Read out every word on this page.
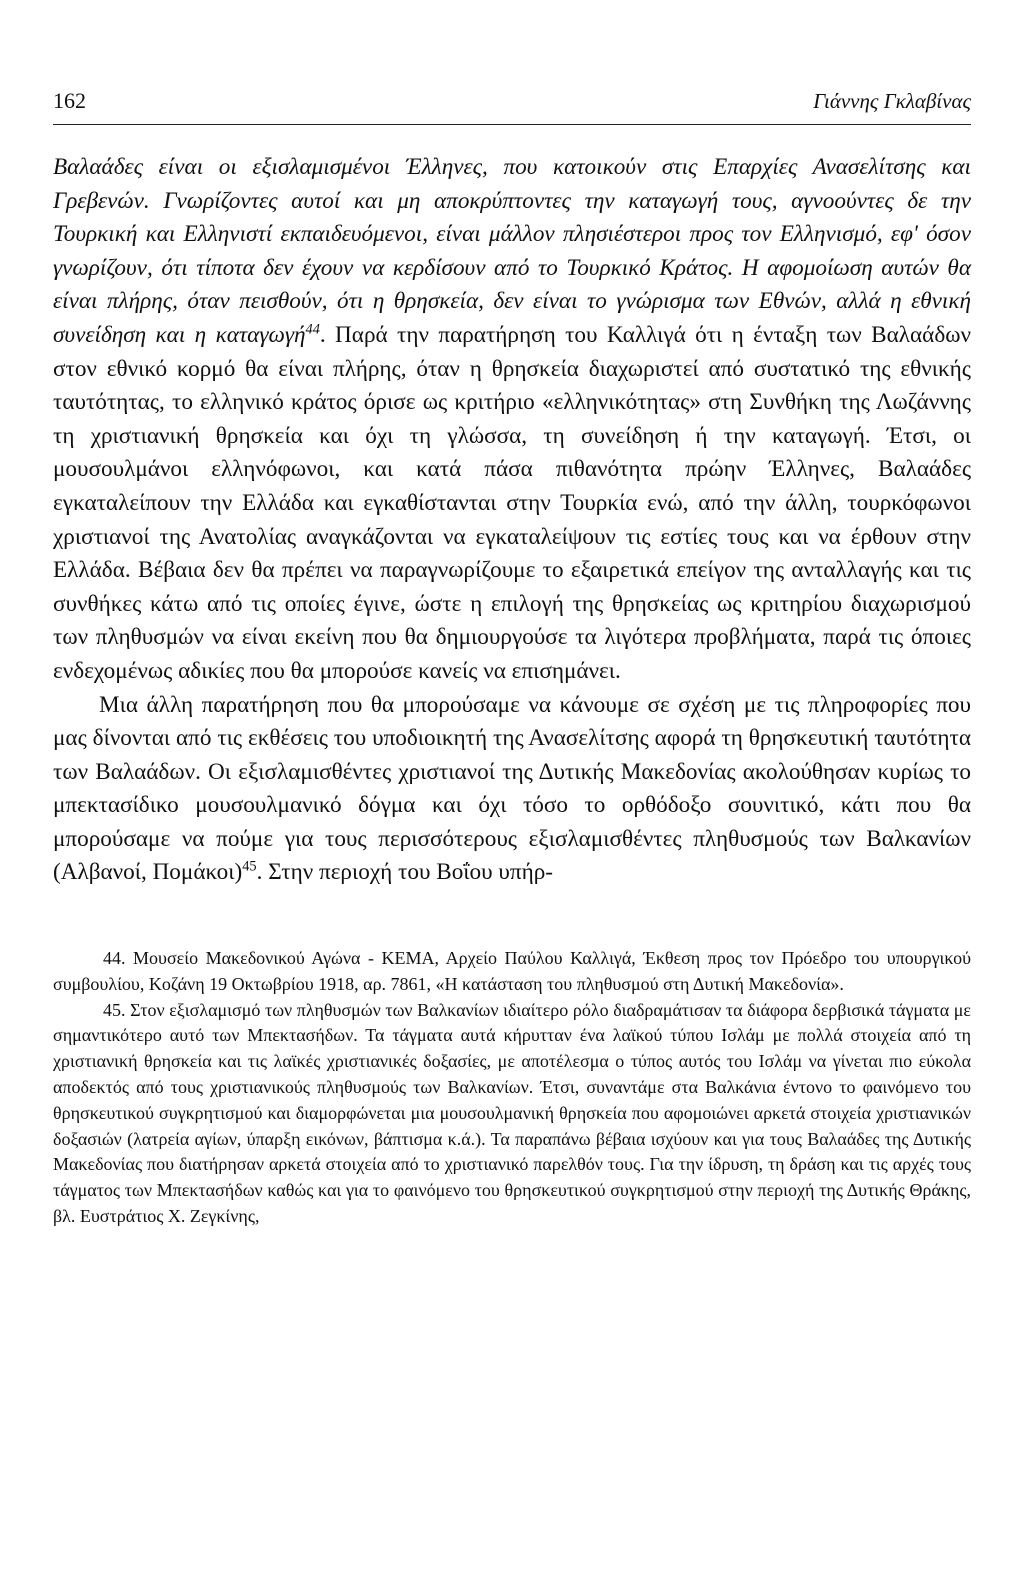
162	Γιάννης Γκλαβίνας

Βαλαάδες είναι οι εξισλαμισμένοι Έλληνες, που κατοικούν στις Επαρχίες Ανασελίτσης και Γρεβενών. Γνωρίζοντες αυτοί και μη αποκρύπτοντες την καταγωγή τους, αγνοούντες δε την Τουρκική και Ελληνιστί εκπαιδευόμενοι, είναι μάλλον πλησιέστεροι προς τον Ελληνισμό, εφ' όσον γνωρίζουν, ότι τίποτα δεν έχουν να κερδίσουν από το Τουρκικό Κράτος. Η αφομοίωση αυτών θα είναι πλήρης, όταν πεισθούν, ότι η θρησκεία, δεν είναι το γνώρισμα των Εθνών, αλλά η εθνική συνείδηση και η καταγωγή$^{44}$. Παρά την παρατήρηση του Καλλιγά ότι η ένταξη των Βαλαάδων στον εθνικό κορμό θα είναι πλήρης, όταν η θρησκεία διαχωριστεί από συστατικό της εθνικής ταυτότητας, το ελληνικό κράτος όρισε ως κριτήριο «ελληνικότητας» στη Συνθήκη της Λωζάννης τη χριστιανική θρησκεία και όχι τη γλώσσα, τη συνείδηση ή την καταγωγή. Έτσι, οι μουσουλμάνοι ελληνόφωνοι, και κατά πάσα πιθανότητα πρώην Έλληνες, Βαλαάδες εγκαταλείπουν την Ελλάδα και εγκαθίστανται στην Τουρκία ενώ, από την άλλη, τουρκόφωνοι χριστιανοί της Ανατολίας αναγκάζονται να εγκαταλείψουν τις εστίες τους και να έρθουν στην Ελλάδα. Βέβαια δεν θα πρέπει να παραγνωρίζουμε το εξαιρετικά επείγον της ανταλλαγής και τις συνθήκες κάτω από τις οποίες έγινε, ώστε η επιλογή της θρησκείας ως κριτηρίου διαχωρισμού των πληθυσμών να είναι εκείνη που θα δημιουργούσε τα λιγότερα προβλήματα, παρά τις όποιες ενδεχομένως αδικίες που θα μπορούσε κανείς να επισημάνει.

Μια άλλη παρατήρηση που θα μπορούσαμε να κάνουμε σε σχέση με τις πληροφορίες που μας δίνονται από τις εκθέσεις του υποδιοικητή της Ανασελίτσης αφορά τη θρησκευτική ταυτότητα των Βαλαάδων. Οι εξισλαμισθέντες χριστιανοί της Δυτικής Μακεδονίας ακολούθησαν κυρίως το μπεκτασίδικο μουσουλμανικό δόγμα και όχι τόσο το ορθόδοξο σουνιτικό, κάτι που θα μπορούσαμε να πούμε για τους περισσότερους εξισλαμισθέντες πληθυσμούς των Βαλκανίων (Αλβανοί, Πομάκοι)$^{45}$. Στην περιοχή του Βοΐου υπήρ-

44. Μουσείο Μακεδονικού Αγώνα - ΚΕΜΑ, Αρχείο Παύλου Καλλιγά, Έκθεση προς τον Πρόεδρο του υπουργικού συμβουλίου, Κοζάνη 19 Οκτωβρίου 1918, αρ. 7861, «Η κατάσταση του πληθυσμού στη Δυτική Μακεδονία».

45. Στον εξισλαμισμό των πληθυσμών των Βαλκανίων ιδιαίτερο ρόλο διαδραμάτισαν τα διάφορα δερβισικά τάγματα με σημαντικότερο αυτό των Μπεκτασήδων. Τα τάγματα αυτά κήρυτταν ένα λαϊκού τύπου Ισλάμ με πολλά στοιχεία από τη χριστιανική θρησκεία και τις λαϊκές χριστιανικές δοξασίες, με αποτέλεσμα ο τύπος αυτός του Ισλάμ να γίνεται πιο εύκολα αποδεκτός από τους χριστιανικούς πληθυσμούς των Βαλκανίων. Έτσι, συναντάμε στα Βαλκάνια έντονο το φαινόμενο του θρησκευτικού συγκρητισμού και διαμορφώνεται μια μουσουλμανική θρησκεία που αφομοιώνει αρκετά στοιχεία χριστιανικών δοξασιών (λατρεία αγίων, ύπαρξη εικόνων, βάπτισμα κ.ά.). Τα παραπάνω βέβαια ισχύουν και για τους Βαλαάδες της Δυτικής Μακεδονίας που διατήρησαν αρκετά στοιχεία από το χριστιανικό παρελθόν τους. Για την ίδρυση, τη δράση και τις αρχές τους τάγματος των Μπεκτασήδων καθώς και για το φαινόμενο του θρησκευτικού συγκρητισμού στην περιοχή της Δυτικής Θράκης, βλ. Ευστράτιος Χ. Ζεγκίνης,
